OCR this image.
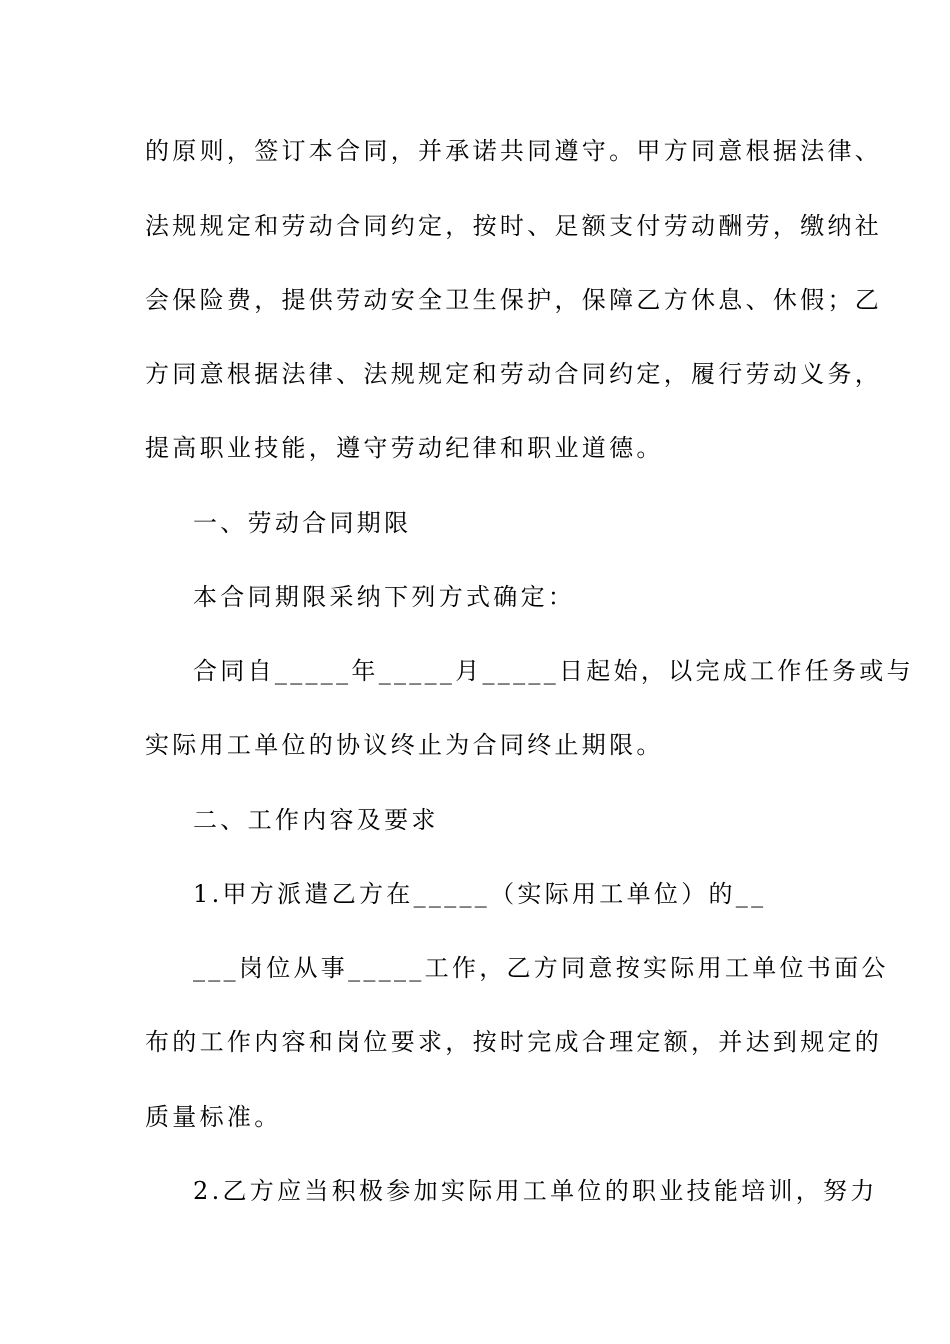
的原则，签订本合同，并承诺共同遵守。甲方同意根据法律、
法规规定和劳动合同约定，按时、足额支付劳动酬劳，缴纳社
会保险费，提供劳动安全卫生保护，保障乙方休息、休假；乙
方同意根据法律、法规规定和劳动合同约定，履行劳动义务，
提高职业技能，遵守劳动纪律和职业道德。
一、劳动合同期限
本合同期限采纳下列方式确定：
合同自_____年_____月_____日起始，以完成工作任务或与
实际用工单位的协议终止为合同终止期限。
二、工作内容及要求
1.甲方派遣乙方在_____（实际用工单位）的__
___岗位从事_____工作，乙方同意按实际用工单位书面公
布的工作内容和岗位要求，按时完成合理定额，并达到规定的
质量标准。
2.乙方应当积极参加实际用工单位的职业技能培训，努力
